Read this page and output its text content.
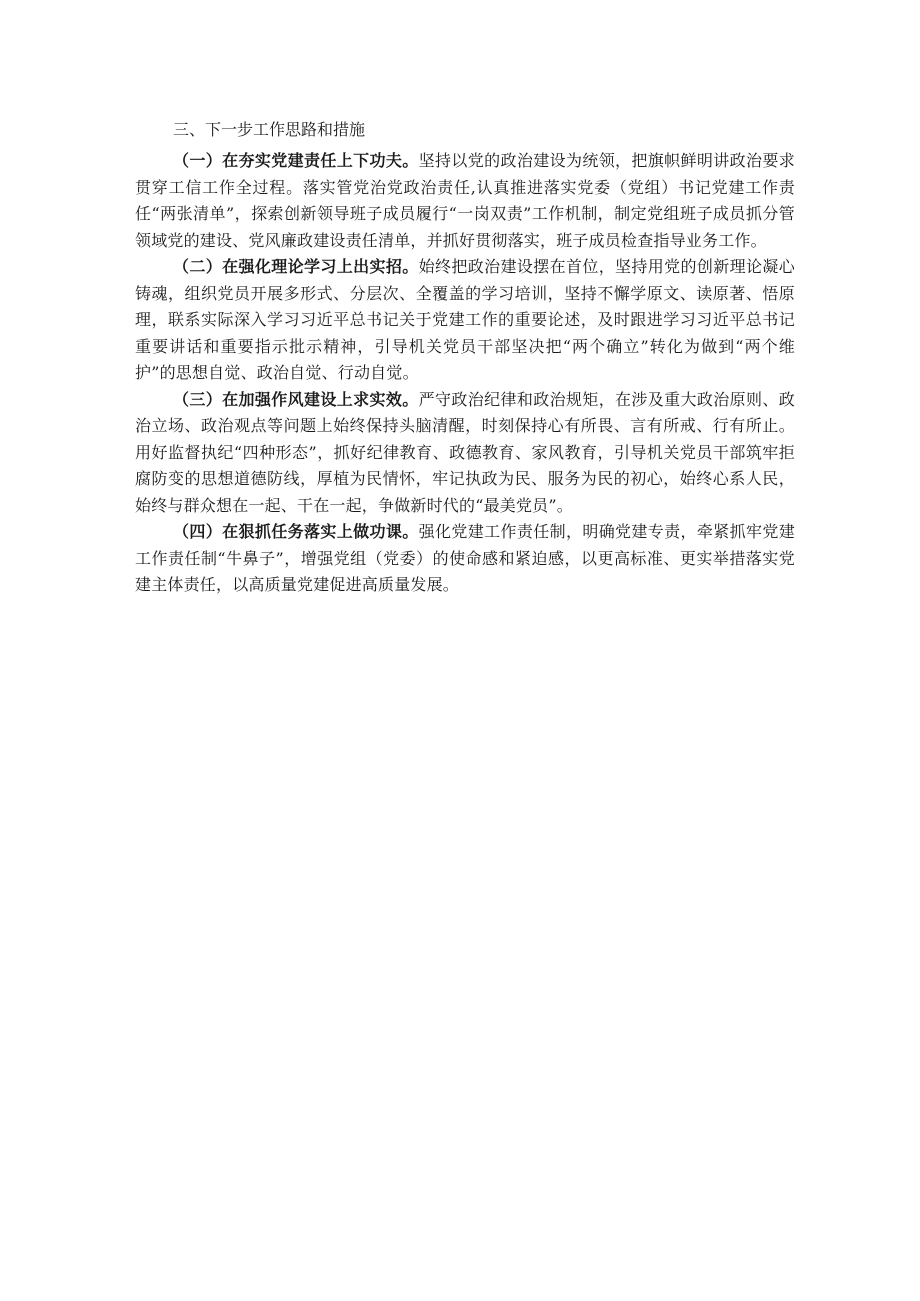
三、下一步工作思路和措施

（一）在夯实党建责任上下功夫。坚持以党的政治建设为统领，把旗帜鲜明讲政治要求贯穿工信工作全过程。落实管党治党政治责任,认真推进落实党委（党组）书记党建工作责任“两张清单”，探索创新领导班子成员履行“一岗双责”工作机制，制定党组班子成员抓分管领域党的建设、党风廉政建设责任清单，并抓好贯彻落实，班子成员检查指导业务工作。

（二）在强化理论学习上出实招。始终把政治建设摆在首位，坚持用党的创新理论凝心铸魂，组织党员开展多形式、分层次、全覆盖的学习培训，坚持不懈学原文、读原著、悟原理，联系实际深入学习习近平总书记关于党建工作的重要论述，及时跟进学习习近平总书记重要讲话和重要指示批示精神，引导机关党员干部坚决把“两个确立”转化为做到“两个维护”的思想自觉、政治自觉、行动自觉。

（三）在加强作风建设上求实效。严守政治纪律和政治规矩，在涉及重大政治原则、政治立场、政治观点等问题上始终保持头脑清醒，时刻保持心有所畏、言有所戒、行有所止。用好监督执纪“四种形态”，抓好纪律教育、政德教育、家风教育，引导机关党员干部筑牢拒腐防变的思想道德防线，厚植为民情怀，牢记执政为民、服务为民的初心，始终心系人民，始终与群众想在一起、干在一起，争做新时代的“最美党员”。

（四）在狠抓任务落实上做功课。强化党建工作责任制，明确党建专责，牵紧抓牢党建工作责任制“牛鼻子”，增强党组（党委）的使命感和紧迫感，以更高标准、更实举措落实党建主体责任，以高质量党建促进高质量发展。
